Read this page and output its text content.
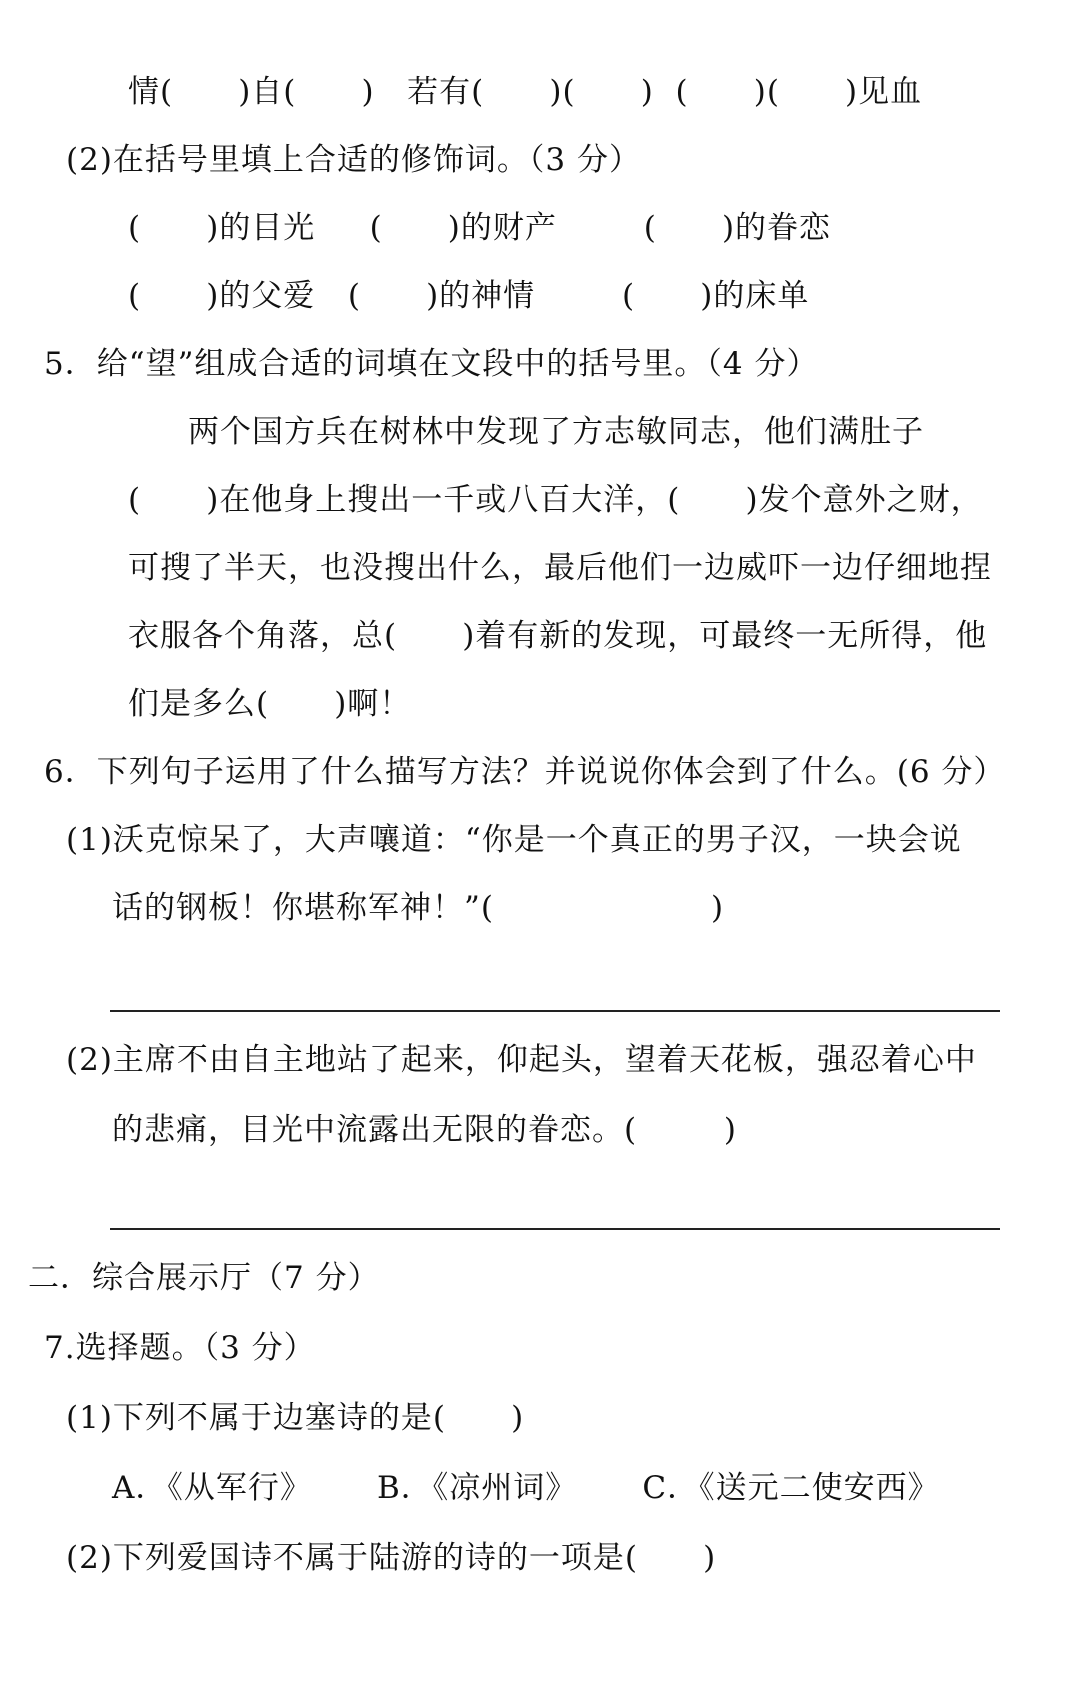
情(      )自(      )   若有(      )(      )  (      )(      )见血
(2)在括号里填上合适的修饰词。（3 分）
(      )的目光     (      )的财产        (      )的眷恋
(      )的父爱   (      )的神情        (      )的床单
5．给“望”组成合适的词填在文段中的括号里。（4 分）
两个国方兵在树林中发现了方志敏同志，他们满肚子
(      )在他身上搜出一千或八百大洋，(      )发个意外之财，
可搜了半天，也没搜出什么，最后他们一边威吓一边仔细地捏
衣服各个角落，总(      )着有新的发现，可最终一无所得，他
们是多么(      )啊！
6．下列句子运用了什么描写方法？并说说你体会到了什么。(6 分）
(1)沃克惊呆了，大声嚷道：“你是一个真正的男子汉，一块会说
话的钢板！你堪称军神！”(                    )
(2)主席不由自主地站了起来，仰起头，望着天花板，强忍着心中
的悲痛，目光中流露出无限的眷恋。(        )
二．综合展示厅（7 分）
7.选择题。（3 分）
(1)下列不属于边塞诗的是(      )
A．《从军行》      B．《凉州词》      C．《送元二使安西》
(2)下列爱国诗不属于陆游的诗的一项是(      )
